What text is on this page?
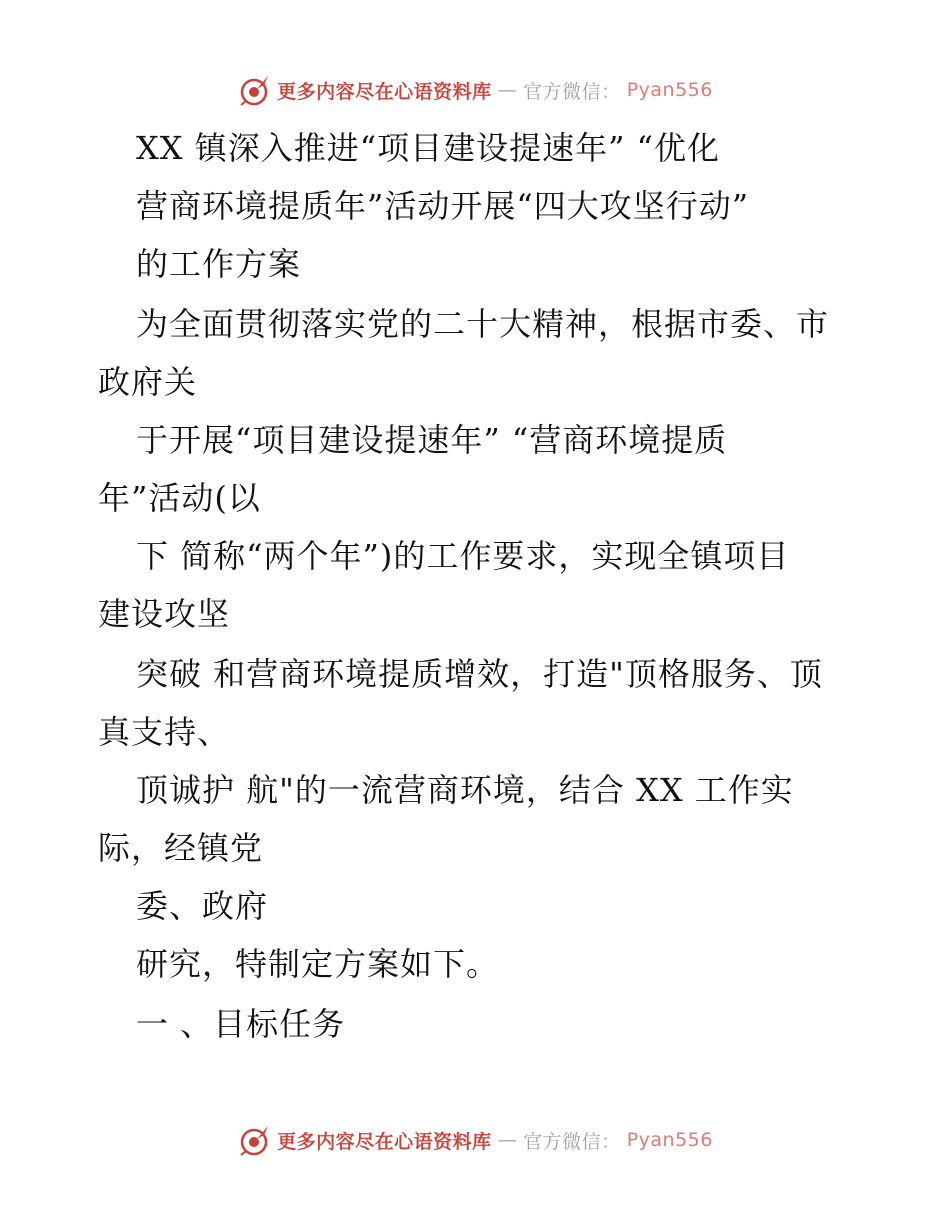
更多内容尽在心语资料库 — 官方微信： Pyan556
XX 镇深入推进“项目建设提速年” “优化
营商环境提质年”活动开展“四大攻坚行动”
的工作方案
为全面贯彻落实党的二十大精神，根据市委、市
政府关
于开展“项目建设提速年” “营商环境提质
年”活动(以
下 简称“两个年”)的工作要求，实现全镇项目
建设攻坚
突破 和营商环境提质增效，打造"顶格服务、顶
真支持、
顶诚护 航"的一流营商环境，结合 XX 工作实
际，经镇党
委、政府
研究，特制定方案如下。
一 、目标任务
更多内容尽在心语资料库 — 官方微信： Pyan556
